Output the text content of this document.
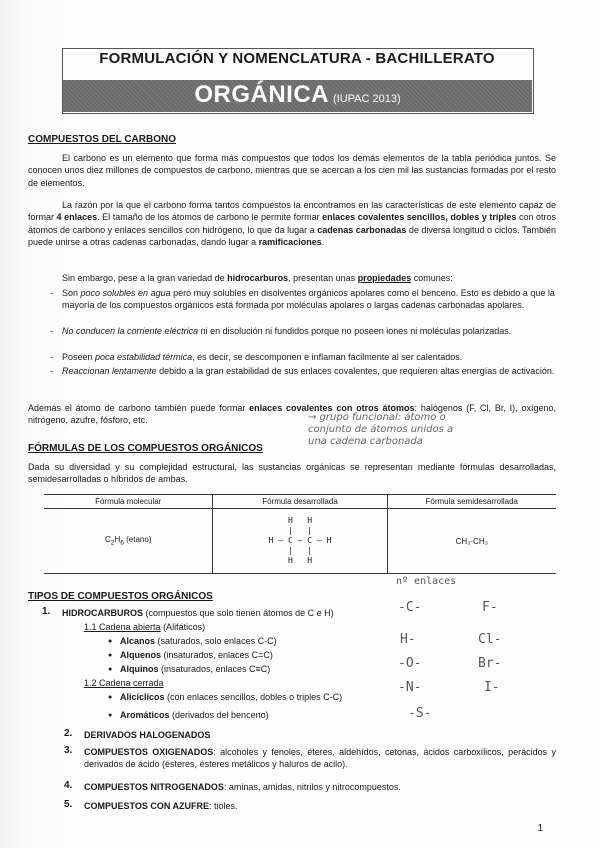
FORMULACIÓN Y NOMENCLATURA - BACHILLERATO
ORGÁNICA (IUPAC 2013)
COMPUESTOS DEL CARBONO
El carbono es un elemento que forma más compuestos que todos los demás elementos de la tabla periódica juntos. Se conocen unos diez millones de compuestos de carbono, mientras que se acercan a los cien mil las sustancias formadas por el resto de elementos.
La razón por la que el carbono forma tantos compuestos la encontramos en las características de este elemento capaz de formar 4 enlaces. El tamaño de los átomos de carbono le permite formar enlaces covalentes sencillos, dobles y triples con otros átomos de carbono y enlaces sencillos con hidrógeno, lo que da lugar a cadenas carbonadas de diversa longitud o ciclos. También puede unirse a otras cadenas carbonadas, dando lugar a ramificaciones.
Sin embargo, pese a la gran variedad de hidrocarburos, presentan unas propiedades comunes:
- Son poco solubles en agua pero muy solubles en disolventes orgánicos apolares como el benceno. Esto es debido a que la mayoría de los compuestos orgánicos está formada por moléculas apolares o largas cadenas carbonadas apolares.
- No conducen la corriente eléctrica ni en disolución ni fundidos porque no poseen iones ni moléculas polarizadas.
- Poseen poca estabilidad térmica, es decir, se descomponen e inflaman fácilmente al ser calentados.
- Reaccionan lentamente debido a la gran estabilidad de sus enlaces covalentes, que requieren altas energías de activación.
Además el átomo de carbono también puede formar enlaces covalentes con otros átomos: halógenos (F, Cl, Br, I), oxígeno, nitrógeno, azufre, fósforo, etc.	→ grupo funcional: átomo o
conjunto de átomos unidos a
una cadena carbonada
FÓRMULAS DE LOS COMPUESTOS ORGÁNICOS
Dada su diversidad y su complejidad estructural, las sustancias orgánicas se representan mediante fórmulas desarrolladas, semidesarrolladas o híbridos de ambas.
Fórmula molecular	Fórmula desarrollada	Fórmula semidesarrollada
$C_2H_6$ (etano)	H   H
|   |
H — C — C — H
|   |
H   H	CH₃-CH₃
TIPOS DE COMPUESTOS ORGÁNICOS
1. HIDROCARBUROS (compuestos que solo tienen átomos de C e H)
1.1 Cadena abierta (Alifáticos)
● Alcanos (saturados, solo enlaces C-C)
● Alquenos (insaturados, enlaces C=C)
● Alquinos (insaturados, enlaces C≡C)
1.2 Cadena cerrada
● Alicíclicos (con enlaces sencillos, dobles o triples C-C)
● Aromáticos (derivados del benceno)
2. DERIVADOS HALOGENADOS
3. COMPUESTOS OXIGENADOS: alcoholes y fenoles, éteres, aldehídos, cetonas, ácidos carboxílicos, perácidos y derivados de ácido (ésteres, ésteres metálicos y haluros de acilo).
4. COMPUESTOS NITROGENADOS: aminas, amidas, nitrilos y nitrocompuestos.
5. COMPUESTOS CON AZUFRE: tioles.
nº enlaces
-C-	F-
H-	Cl-
-O-	Br-
-N-	I-
-S-
1
